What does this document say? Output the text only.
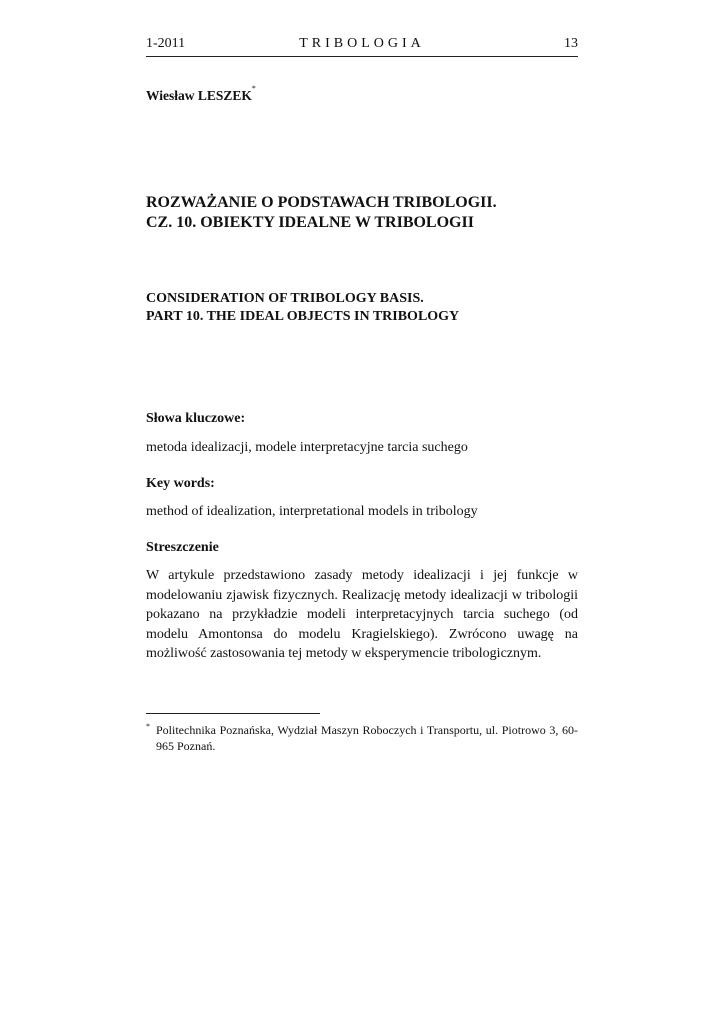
1-2011	TRIBOLOGIA	13
Wiesław LESZEK*
ROZWAŻANIE O PODSTAWACH TRIBOLOGII.
CZ. 10. OBIEKTY IDEALNE W TRIBOLOGII
CONSIDERATION OF TRIBOLOGY BASIS.
PART 10. THE IDEAL OBJECTS IN TRIBOLOGY
Słowa kluczowe:
metoda idealizacji, modele interpretacyjne tarcia suchego
Key words:
method of idealization, interpretational models in tribology
Streszczenie
W artykule przedstawiono zasady metody idealizacji i jej funkcje w modelowaniu zjawisk fizycznych. Realizację metody idealizacji w tribologii pokazano na przykładzie modeli interpretacyjnych tarcia suchego (od modelu Amontonsa do modelu Kragielskiego). Zwrócono uwagę na możliwość zastosowania tej metody w eksperymencie tribologicznym.
* Politechnika Poznańska, Wydział Maszyn Roboczych i Transportu, ul. Piotrowo 3, 60-965 Poznań.
